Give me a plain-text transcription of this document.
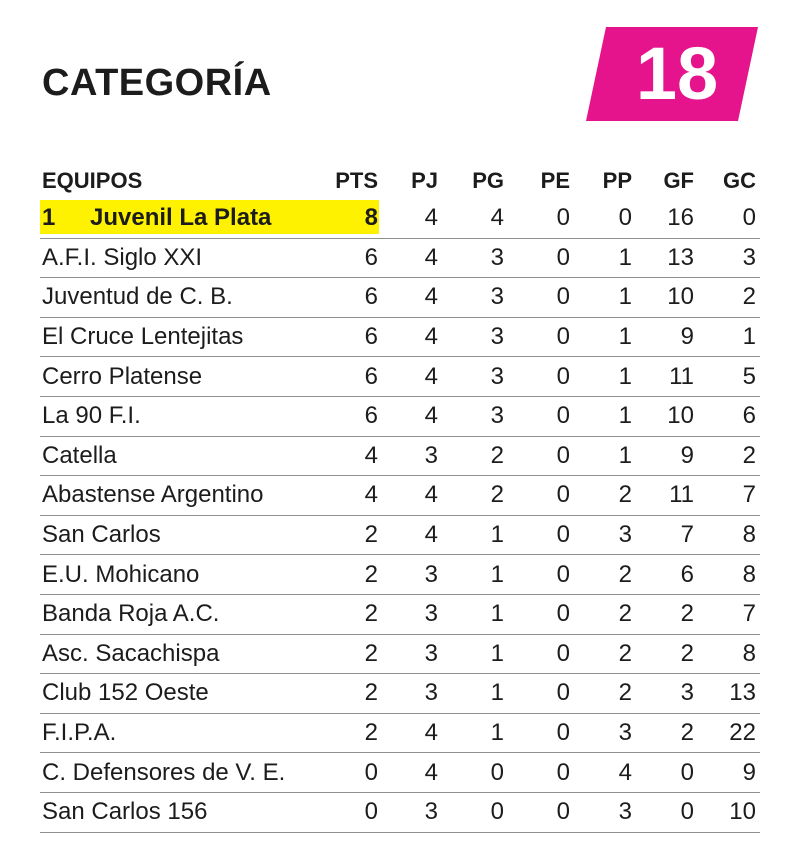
CATEGORÍA	18
EQUIPOS	PTS	PJ	PG	PE	PP	GF	GC
1	Juvenil La Plata	8	4	4	0	0	16	0
A.F.I. Siglo XXI	6	4	3	0	1	13	3
Juventud de C. B.	6	4	3	0	1	10	2
El Cruce Lentejitas	6	4	3	0	1	9	1
Cerro Platense	6	4	3	0	1	11	5
La 90 F.I.	6	4	3	0	1	10	6
Catella	4	3	2	0	1	9	2
Abastense Argentino	4	4	2	0	2	11	7
San Carlos	2	4	1	0	3	7	8
E.U. Mohicano	2	3	1	0	2	6	8
Banda Roja A.C.	2	3	1	0	2	2	7
Asc. Sacachispa	2	3	1	0	2	2	8
Club 152 Oeste	2	3	1	0	2	3	13
F.I.P.A.	2	4	1	0	3	2	22
C. Defensores de V. E.	0	4	0	0	4	0	9
San Carlos 156	0	3	0	0	3	0	10
